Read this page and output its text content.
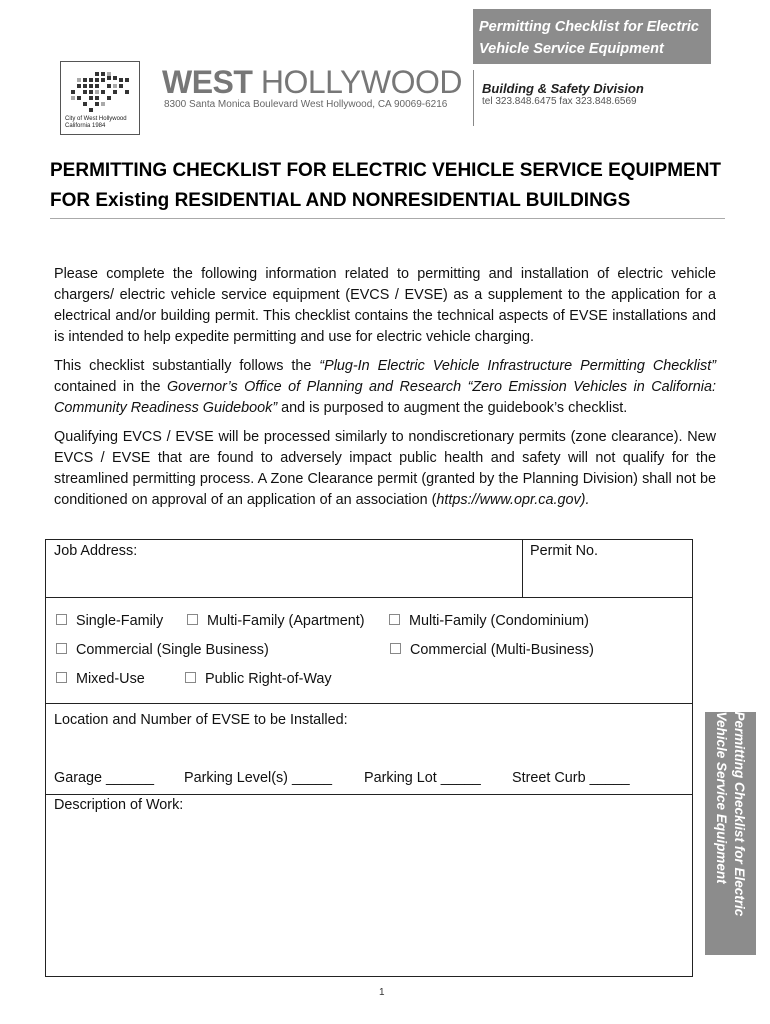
Permitting Checklist for Electric
Vehicle Service Equipment
City of West Hollywood
California 1984
WEST HOLLYWOOD
8300 Santa Monica Boulevard West Hollywood, CA 90069-6216
Building & Safety Division
tel 323.848.6475 fax 323.848.6569
PERMITTING CHECKLIST FOR ELECTRIC VEHICLE SERVICE EQUIPMENT
FOR Existing RESIDENTIAL AND NONRESIDENTIAL BUILDINGS

Please complete the following information related to permitting and installation of electric vehicle chargers/ electric vehicle service equipment (EVCS / EVSE) as a supplement to the application for a electrical and/or building permit. This checklist contains the technical aspects of EVSE installations and is intended to help expedite permitting and use for electric vehicle charging.

This checklist substantially follows the “Plug-In Electric Vehicle Infrastructure Permitting Checklist” contained in the Governor’s Office of Planning and Research “Zero Emission Vehicles in California: Community Readiness Guidebook” and is purposed to augment the guidebook’s checklist.

Qualifying EVCS / EVSE will be processed similarly to nondiscretionary permits (zone clearance). New EVCS / EVSE that are found to adversely impact public health and safety will not qualify for the streamlined permitting process. A Zone Clearance permit (granted by the Planning Division) shall not be conditioned on approval of an application of an association (https://www.opr.ca.gov).

Job Address:	Permit No.
Single-Family	Multi-Family (Apartment)	Multi-Family (Condominium)
Commercial (Single Business)	Commercial (Multi-Business)
Mixed-Use	Public Right-of-Way
Location and Number of EVSE to be Installed:
Garage ______ Parking Level(s) _____ Parking Lot _____ Street Curb _____
Description of Work:	Permitting Checklist for Electric
Vehicle Service Equipment
1
